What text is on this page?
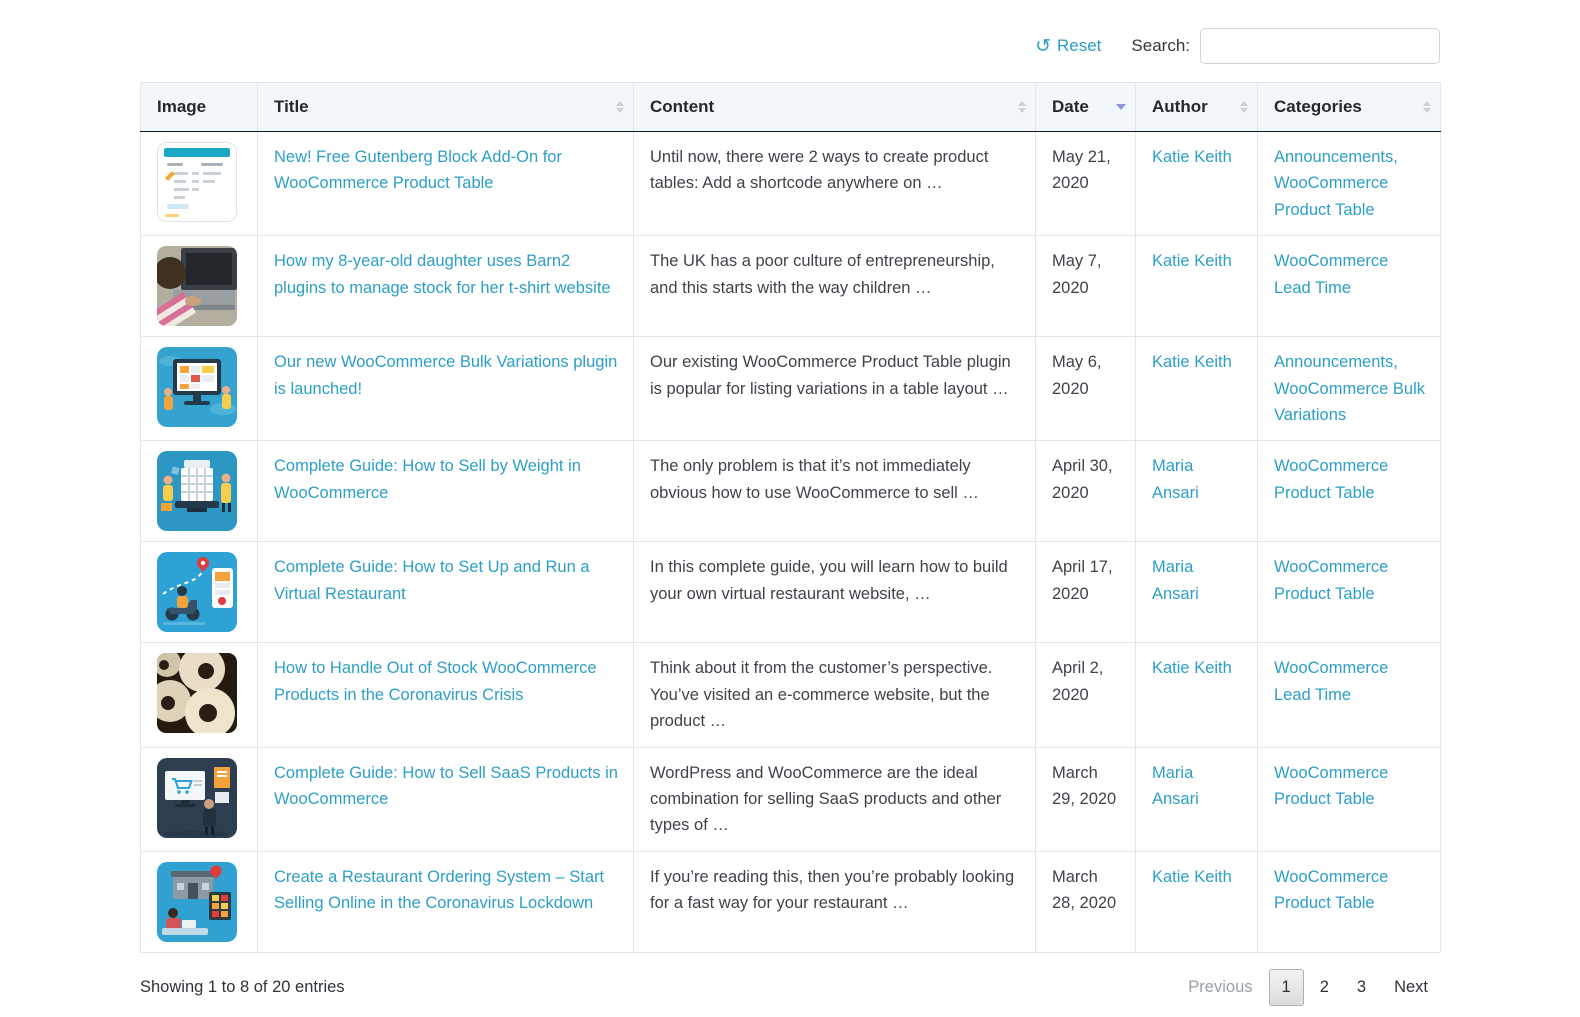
↺ Reset Search:
Image	Title	Content	Date	Author	Categories

	New! Free Gutenberg Block Add-On for WooCommerce Product Table	Until now, there were 2 ways to create product tables: Add a shortcode anywhere on …	May 21, 2020	Katie Keith	Announcements, WooCommerce Product Table

	How my 8-year-old daughter uses Barn2 plugins to manage stock for her t-shirt website	The UK has a poor culture of entrepreneurship, and this starts with the way children …	May 7, 2020	Katie Keith	WooCommerce Lead Time

	Our new WooCommerce Bulk Variations plugin is launched!	Our existing WooCommerce Product Table plugin is popular for listing variations in a table layout …	May 6, 2020	Katie Keith	Announcements, WooCommerce Bulk Variations

	Complete Guide: How to Sell by Weight in WooCommerce	The only problem is that it’s not immediately obvious how to use WooCommerce to sell …	April 30, 2020	Maria Ansari	WooCommerce Product Table

	Complete Guide: How to Set Up and Run a Virtual Restaurant	In this complete guide, you will learn how to build your own virtual restaurant website, …	April 17, 2020	Maria Ansari	WooCommerce Product Table

	How to Handle Out of Stock WooCommerce Products in the Coronavirus Crisis	Think about it from the customer’s perspective. You’ve visited an e-commerce website, but the product …	April 2, 2020	Katie Keith	WooCommerce Lead Time

	Complete Guide: How to Sell SaaS Products in WooCommerce	WordPress and WooCommerce are the ideal combination for selling SaaS products and other types of …	March 29, 2020	Maria Ansari	WooCommerce Product Table

	Create a Restaurant Ordering System – Start Selling Online in the Coronavirus Lockdown	If you’re reading this, then you’re probably looking for a fast way for your restaurant …	March 28, 2020	Katie Keith	WooCommerce Product Table
Showing 1 to 8 of 20 entries	Previous	1	2	3	Next
